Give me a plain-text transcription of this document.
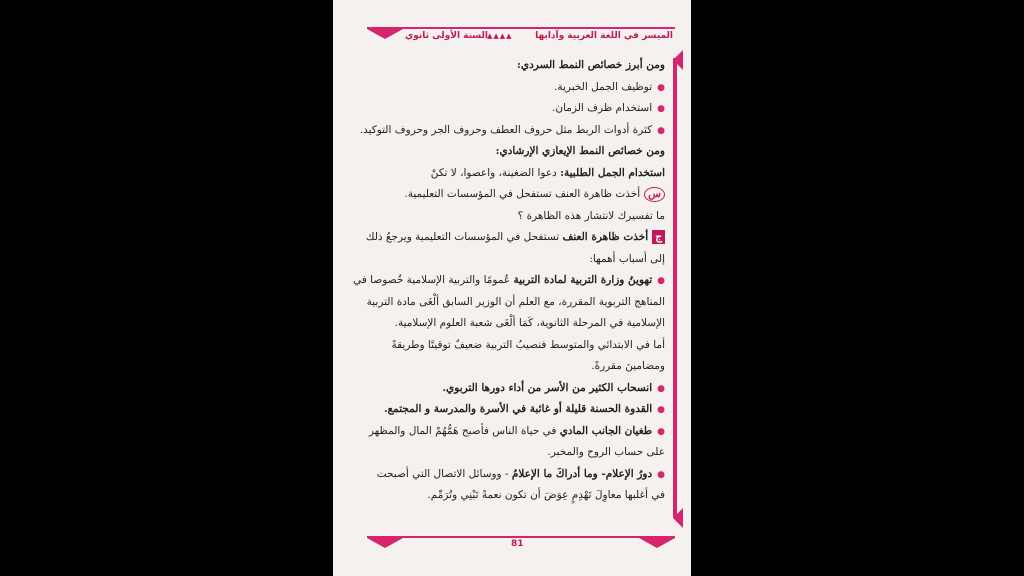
السنة الأولى ثانوي ▲▲▲▲	الميسر في اللغة العربية وآدابها
ومن أبرز خصائص النمط السردي:
●توظيف الجمل الخبرية.
●استخدام ظرف الزمان.
●كثرة أدوات الربط مثل حروف العطف وحروف الجر وحروف التوكيد.
ومن خصائص النمط الإيعازي الإرشادي:
استخدام الجمل الطلبية: دعوا الضغينة، واعصوا، لا تكنْ
سأخذت ظاهرة العنف تستفحل في المؤسسات التعليمية.
ما تفسيرك لانتشار هذه الظاهرة ؟
جأخذت ظاهرة العنف تستفحل في المؤسسات التعليمية ويرجعُ ذلك
إلى أسباب أهمها:
●تهوينُ وزارة التربية لمادة التربية عُمومًا والتربية الإسلامية خُصوصا في
المناهج التربوية المقررة، مع العلم أن الوزير السابق ألْغَى مادة التربية
الإسلامية في المرحلة الثانوية، كَمَا ألْغَى شعبة العلوم الإسلامية.
أما في الابتدائي والمتوسط فنصيبُ التربية ضعيفٌ توقيتًا وطريقةً
ومضامينَ مقررةً.
●انسحاب الكثير من الأسر من أداء دورها التربوي.
●القدوة الحسنة قليلة أو غائبة في الأسرة والمدرسة و المجتمع.
●طغيان الجانب المادي في حياة الناس فأصبح هَمُّهُمْ المال والمظهر
على حساب الروح والمخبر.
●دورُ الإعلام- وما أدراكَ ما الإعلامُ - ووسائل الاتصال التي أصبحت
في أغلبها معاوِلَ تَهْدِمٍ عِوَضَ أن تكون نعمةً تَبْنِي وتُرَمِّم.
81
